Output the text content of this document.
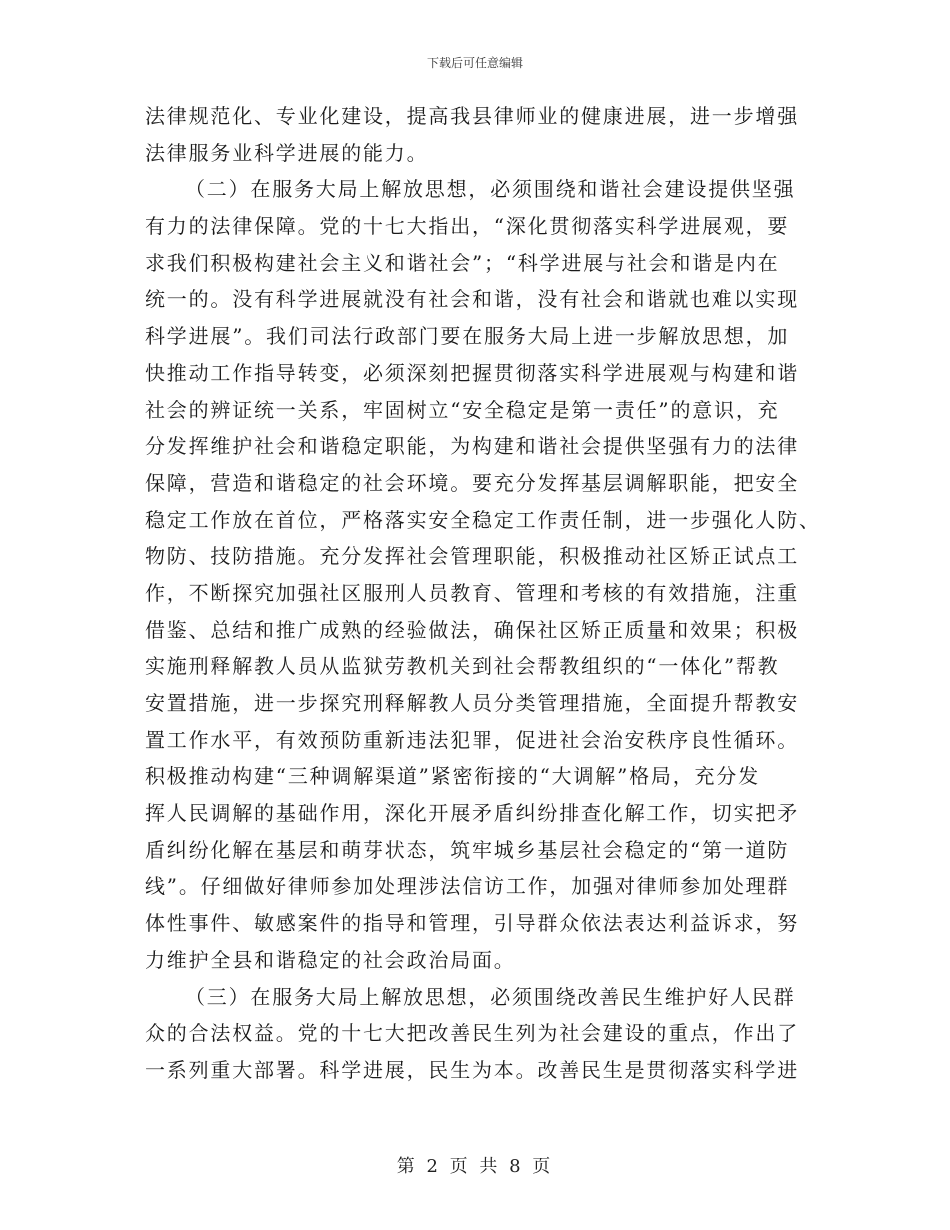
下载后可任意编辑
法律规范化、专业化建设，提高我县律师业的健康进展，进一步增强
法律服务业科学进展的能力。
（二）在服务大局上解放思想，必须围绕和谐社会建设提供坚强
有力的法律保障。党的十七大指出，“深化贯彻落实科学进展观，要
求我们积极构建社会主义和谐社会”；“科学进展与社会和谐是内在
统一的。没有科学进展就没有社会和谐，没有社会和谐就也难以实现
科学进展”。我们司法行政部门要在服务大局上进一步解放思想，加
快推动工作指导转变，必须深刻把握贯彻落实科学进展观与构建和谐
社会的辨证统一关系，牢固树立“安全稳定是第一责任”的意识，充
分发挥维护社会和谐稳定职能，为构建和谐社会提供坚强有力的法律
保障，营造和谐稳定的社会环境。要充分发挥基层调解职能，把安全
稳定工作放在首位，严格落实安全稳定工作责任制，进一步强化人防、
物防、技防措施。充分发挥社会管理职能，积极推动社区矫正试点工
作，不断探究加强社区服刑人员教育、管理和考核的有效措施，注重
借鉴、总结和推广成熟的经验做法，确保社区矫正质量和效果；积极
实施刑释解教人员从监狱劳教机关到社会帮教组织的“一体化”帮教
安置措施，进一步探究刑释解教人员分类管理措施，全面提升帮教安
置工作水平，有效预防重新违法犯罪，促进社会治安秩序良性循环。
积极推动构建“三种调解渠道”紧密衔接的“大调解”格局，充分发
挥人民调解的基础作用，深化开展矛盾纠纷排查化解工作，切实把矛
盾纠纷化解在基层和萌芽状态，筑牢城乡基层社会稳定的“第一道防
线”。仔细做好律师参加处理涉法信访工作，加强对律师参加处理群
体性事件、敏感案件的指导和管理，引导群众依法表达利益诉求，努
力维护全县和谐稳定的社会政治局面。
（三）在服务大局上解放思想，必须围绕改善民生维护好人民群
众的合法权益。党的十七大把改善民生列为社会建设的重点，作出了
一系列重大部署。科学进展，民生为本。改善民生是贯彻落实科学进
第 2 页 共 8 页
